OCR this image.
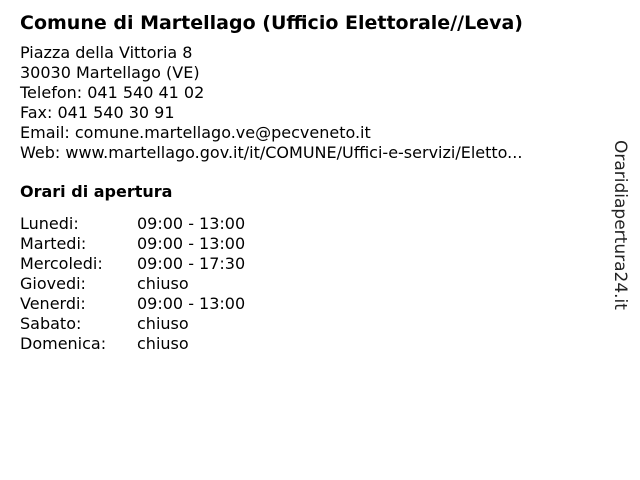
Comune di Martellago (Ufficio Elettorale//Leva)
Piazza della Vittoria 8
30030 Martellago (VE)
Telefon: 041 540 41 02
Fax: 041 540 30 91
Email: comune.martellago.ve@pecveneto.it
Web: www.martellago.gov.it/it/COMUNE/Uffici-e-servizi/Eletto...
Orari di apertura
Lunedi:	09:00 - 13:00
Martedi:	09:00 - 13:00
Mercoledi:	09:00 - 17:30
Giovedi:	chiuso
Venerdi:	09:00 - 13:00
Sabato:	chiuso
Domenica:	chiuso
Oraridiapertura24.it
